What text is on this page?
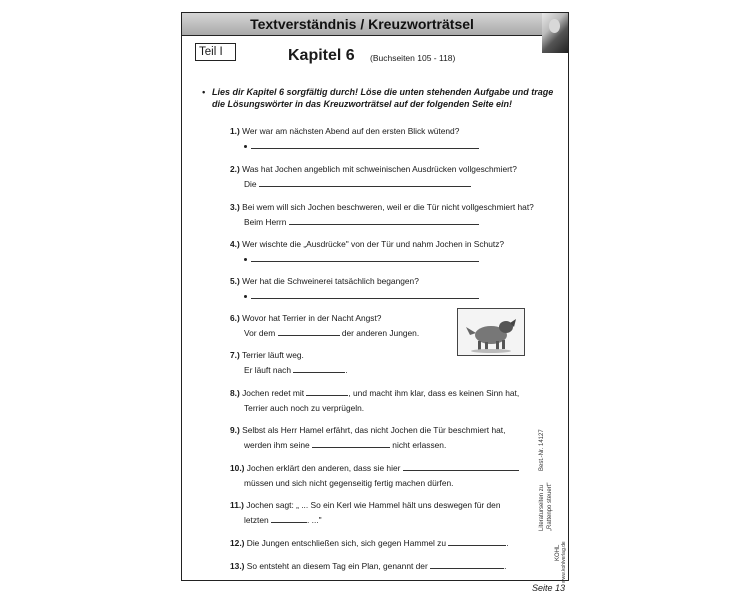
Textverständnis / Kreuzworträtsel
Teil I	Kapitel 6 (Buchseiten 105 - 118)
• Lies dir Kapitel 6 sorgfältig durch! Löse die unten stehenden Aufgabe und trage die Lösungswörter in das Kreuzworträtsel auf der folgenden Seite ein!
1.) Wer war am nächsten Abend auf den ersten Blick wütend?
2.) Was hat Jochen angeblich mit schweinischen Ausdrücken vollgeschmiert?
Die
3.) Bei wem will sich Jochen beschweren, weil er die Tür nicht vollgeschmiert hat?
Beim Herrn
4.) Wer wischte die „Ausdrücke" von der Tür und nahm Jochen in Schutz?
5.) Wer hat die Schweinerei tatsächlich begangen?
6.) Wovor hat Terrier in der Nacht Angst?
Vor dem	der anderen Jungen.
7.) Terrier läuft weg.
Er läuft nach	.
8.) Jochen redet mit	, und macht ihm klar, dass es keinen Sinn hat,
Terrier auch noch zu verprügeln.
9.) Selbst als Herr Hamel erfährt, das nicht Jochen die Tür beschmiert hat,
werden ihm seine	nicht erlassen.
10.) Jochen erklärt den anderen, dass sie hier
müssen und sich nicht gegenseitig fertig machen dürfen.
11.) Jochen sagt: „ ... So ein Kerl wie Hammel hält uns deswegen für den
letzten	. ..."
12.) Die Jungen entschließen sich, sich gegen Hammel zu	.
13.) So entsteht an diesem Tag ein Plan, genannt der	.
Best.-Nr. 14127
Literaturseiten zu „Rattenpo steuert"
KOHL www.kohlverlag.de
Seite 13
